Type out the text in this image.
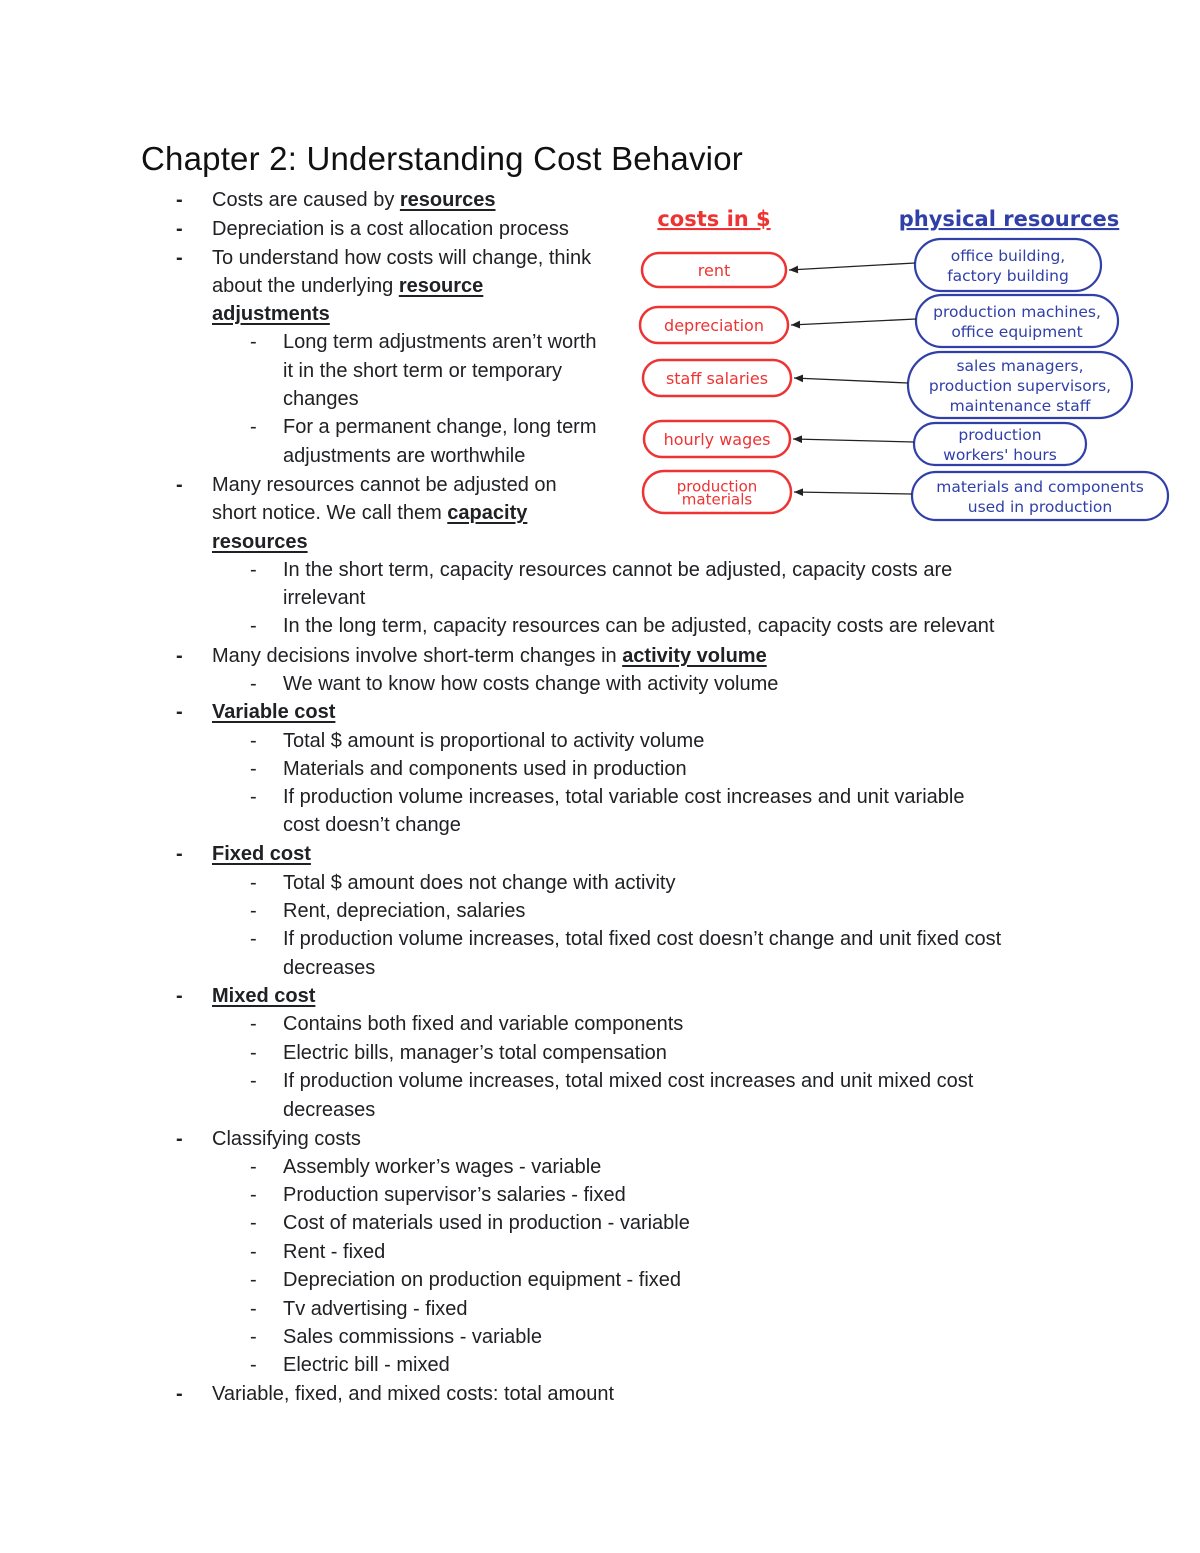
Chapter 2: Understanding Cost Behavior
- Costs are caused by resources
- Depreciation is a cost allocation process
- To understand how costs will change, think
about the underlying resource
adjustments
- Long term adjustments aren’t worth
it in the short term or temporary
changes
- For a permanent change, long term
adjustments are worthwhile
- Many resources cannot be adjusted on
short notice. We call them capacity
resources
- In the short term, capacity resources cannot be adjusted, capacity costs are
irrelevant
- In the long term, capacity resources can be adjusted, capacity costs are relevant
- Many decisions involve short-term changes in activity volume
- We want to know how costs change with activity volume
- Variable cost
- Total $ amount is proportional to activity volume
- Materials and components used in production
- If production volume increases, total variable cost increases and unit variable
cost doesn’t change
- Fixed cost
- Total $ amount does not change with activity
- Rent, depreciation, salaries
- If production volume increases, total fixed cost doesn’t change and unit fixed cost
decreases
- Mixed cost
- Contains both fixed and variable components
- Electric bills, manager’s total compensation
- If production volume increases, total mixed cost increases and unit mixed cost
decreases
- Classifying costs
- Assembly worker’s wages - variable
- Production supervisor’s salaries - fixed
- Cost of materials used in production - variable
- Rent - fixed
- Depreciation on production equipment - fixed
- Tv advertising - fixed
- Sales commissions - variable
- Electric bill - mixed
- Variable, fixed, and mixed costs: total amount
costs in $	physical resources
rent
depreciation
staff salaries
hourly wages
production
materials
office building,
factory building
production machines,
office equipment
sales managers,
production supervisors,
maintenance staff
production
workers' hours
materials and components
used in production
